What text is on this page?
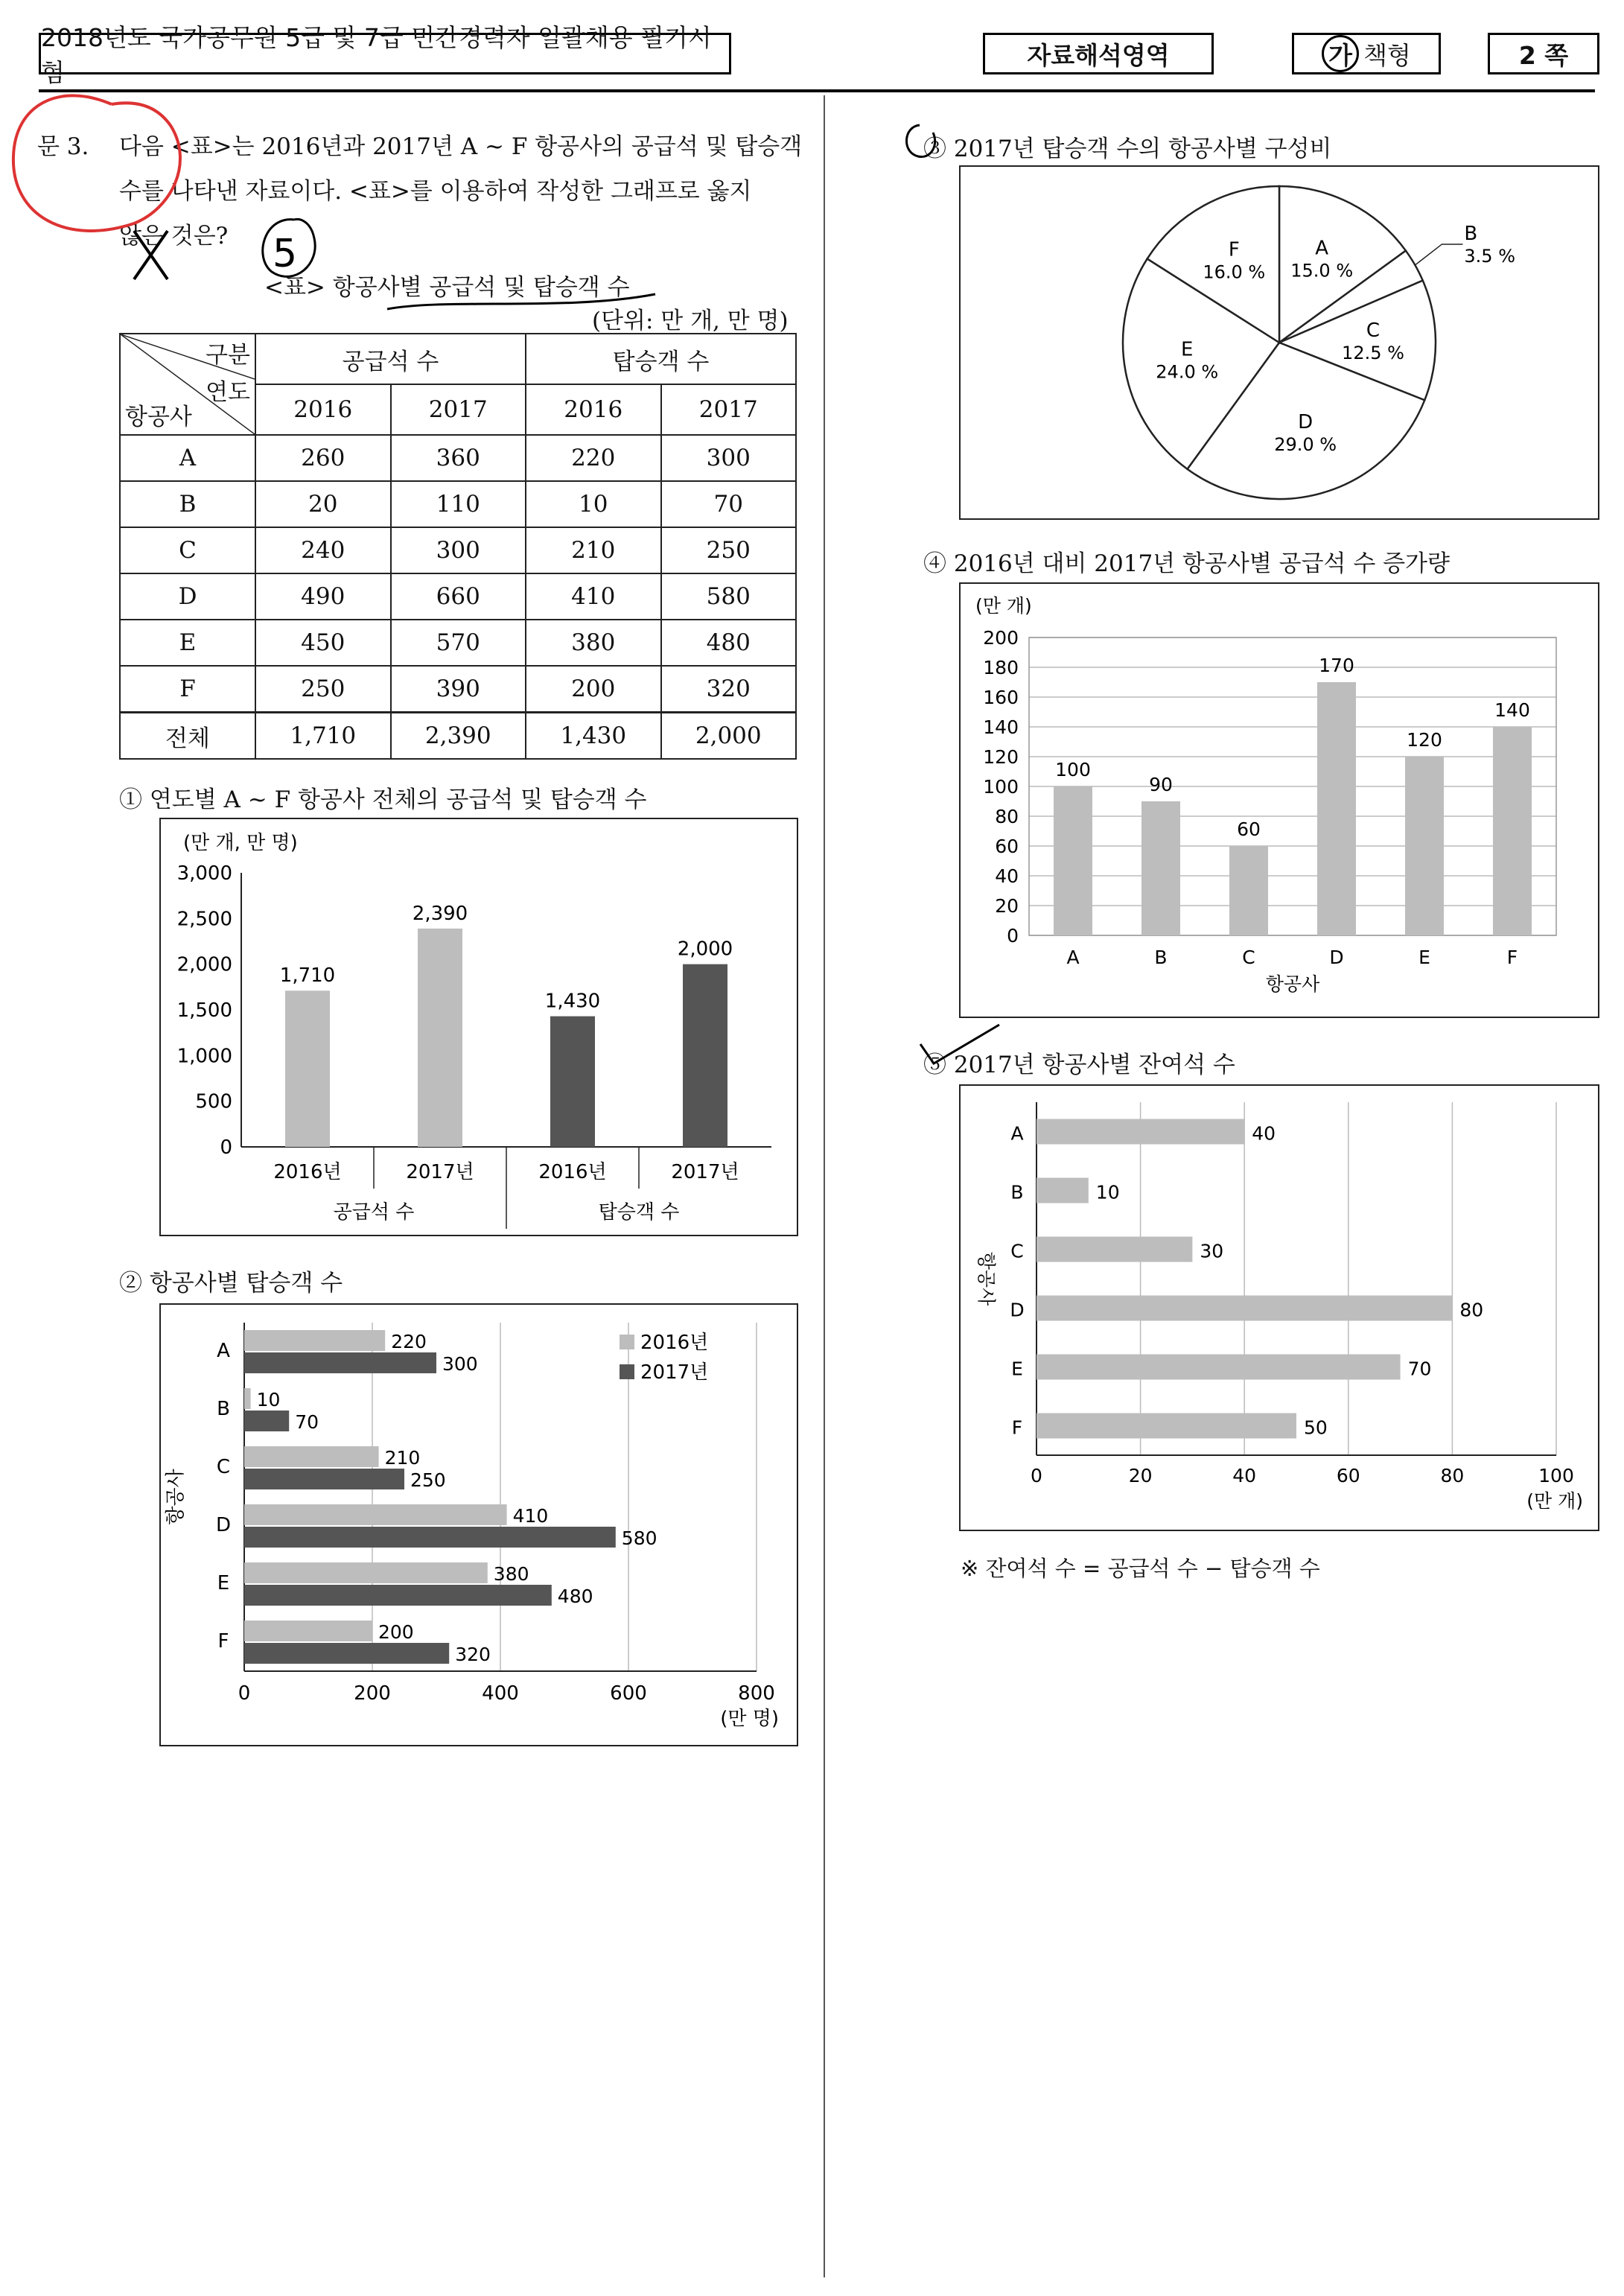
2018년도 국가공무원 5급 및 7급 민간경력자 일괄채용 필기시험
자료해석영역	가 책형	2 쪽
문 3. 다음 <표>는 2016년과 2017년 A ~ F 항공사의 공급석 및 탑승객
수를 나타낸 자료이다. <표>를 이용하여 작성한 그래프로 옳지
않은 것은? 5
<표> 항공사별 공급석 및 탑승객 수
(단위: 만 개, 만 명)
구분
연도
항공사	공급석 수		탑승객 수	
	2016	2017	2016	2017
A	260	360	220	300
B	20	110	10	70
C	240	300	210	250
D	490	660	410	580
E	450	570	380	480
F	250	390	200	320
전체	1,710	2,390	1,430	2,000
① 연도별 A ~ F 항공사 전체의 공급석 및 탑승객 수
(만 개, 만 명)
0
500
1,000
1,500
2,000
2,500
3,000
1,710
2016년
2,390
2017년
1,430
2016년
2,000
2017년
공급석 수	탑승객 수
② 항공사별 탑승객 수
0	200	400	600	800
(만 명)
항공사
A	220
300
B 10
70
C	210
250
D	410
580
E	380
480
F	200
320
2016년
2017년
③ 2017년 탑승객 수의 항공사별 구성비
A
15.0 %
B
3.5 %
C
12.5 %
D
29.0 %
E
24.0 %
F
16.0 %
④ 2016년 대비 2017년 항공사별 공급석 수 증가량
(만 개)
0
20
40
60
80
100
120
140
160
180
200
100
A
90
B
60
C
170
D
120
E
140
F
항공사
⑤ 2017년 항공사별 잔여석 수
0	20	40	60	80	100
(만 개)
항공사
A	40
B	10
C	30
D	80
E	70
F	50
※ 잔여석 수 = 공급석 수 − 탑승객 수
